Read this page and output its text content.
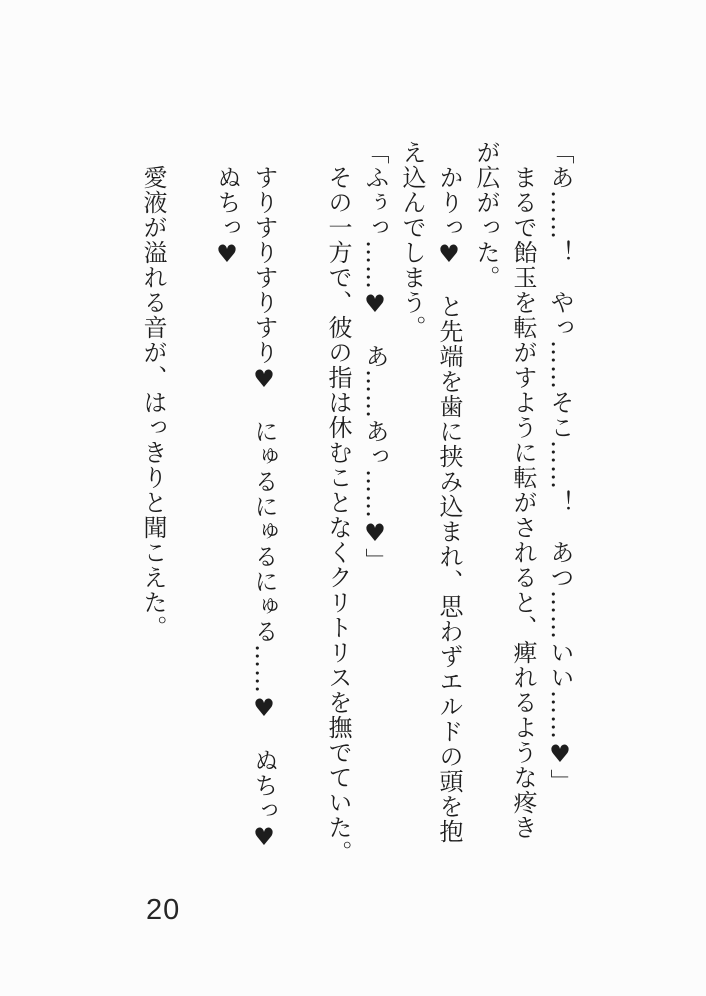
「あ……！　やっ……そこ……！　あつ……いい……♥」
　まるで飴玉を転がすように転がされると、痺れるような疼き
が広がった。
　かりっ♥　と先端を歯に挟み込まれ、思わずエルドの頭を抱
え込んでしまう。
「ふぅっ……♥　あ……あっ……♥」
　その一方で、彼の指は休むことなくクリトリスを撫でていた。

　すりすりすりすり♥　にゅるにゅるにゅる……♥　ぬちっ♥
　ぬちっ♥

　愛液が溢れる音が、はっきりと聞こえた。
20
